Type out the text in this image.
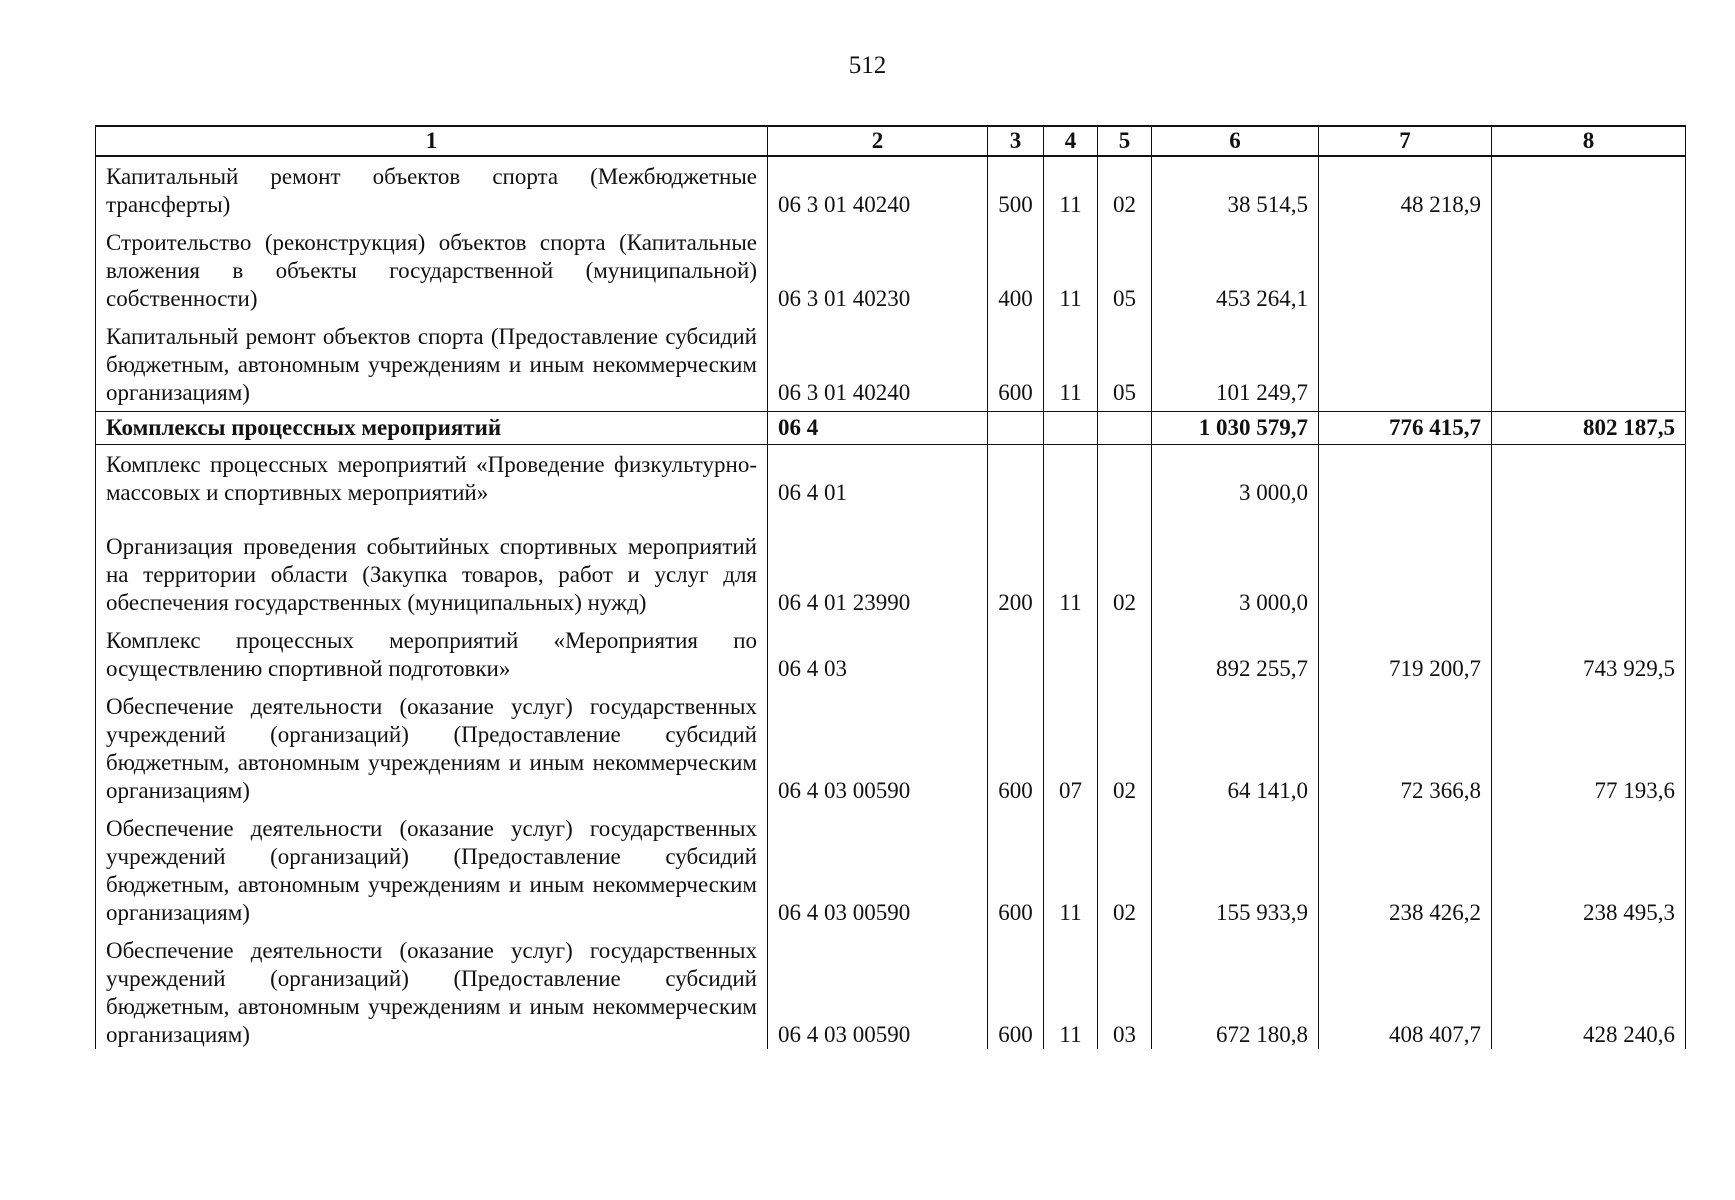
512
1	2	3	4	5	6	7	8
Капитальный ремонт объектов спорта (Межбюджетные трансферты)	06 3 01 40240	500	11	02	38 514,5	48 218,9	
Строительство (реконструкция) объектов спорта (Капитальные вложения в объекты государственной (муниципальной) собственности)	06 3 01 40230	400	11	05	453 264,1		
Капитальный ремонт объектов спорта (Предоставление субсидий бюджетным, автономным учреждениям и иным некоммерческим организациям)	06 3 01 40240	600	11	05	101 249,7		
Комплексы процессных мероприятий	06 4				1 030 579,7	776 415,7	802 187,5
Комплекс процессных мероприятий «Проведение физкультурно-массовых и спортивных мероприятий»	06 4 01				3 000,0		
Организация проведения событийных спортивных мероприятий на территории области (Закупка товаров, работ и услуг для обеспечения государственных (муниципальных) нужд)	06 4 01 23990	200	11	02	3 000,0		
Комплекс процессных мероприятий «Мероприятия по осуществлению спортивной подготовки»	06 4 03				892 255,7	719 200,7	743 929,5
Обеспечение деятельности (оказание услуг) государственных учреждений (организаций) (Предоставление субсидий бюджетным, автономным учреждениям и иным некоммерческим организациям)	06 4 03 00590	600	07	02	64 141,0	72 366,8	77 193,6
Обеспечение деятельности (оказание услуг) государственных учреждений (организаций) (Предоставление субсидий бюджетным, автономным учреждениям и иным некоммерческим организациям)	06 4 03 00590	600	11	02	155 933,9	238 426,2	238 495,3
Обеспечение деятельности (оказание услуг) государственных учреждений (организаций) (Предоставление субсидий бюджетным, автономным учреждениям и иным некоммерческим организациям)	06 4 03 00590	600	11	03	672 180,8	408 407,7	428 240,6
